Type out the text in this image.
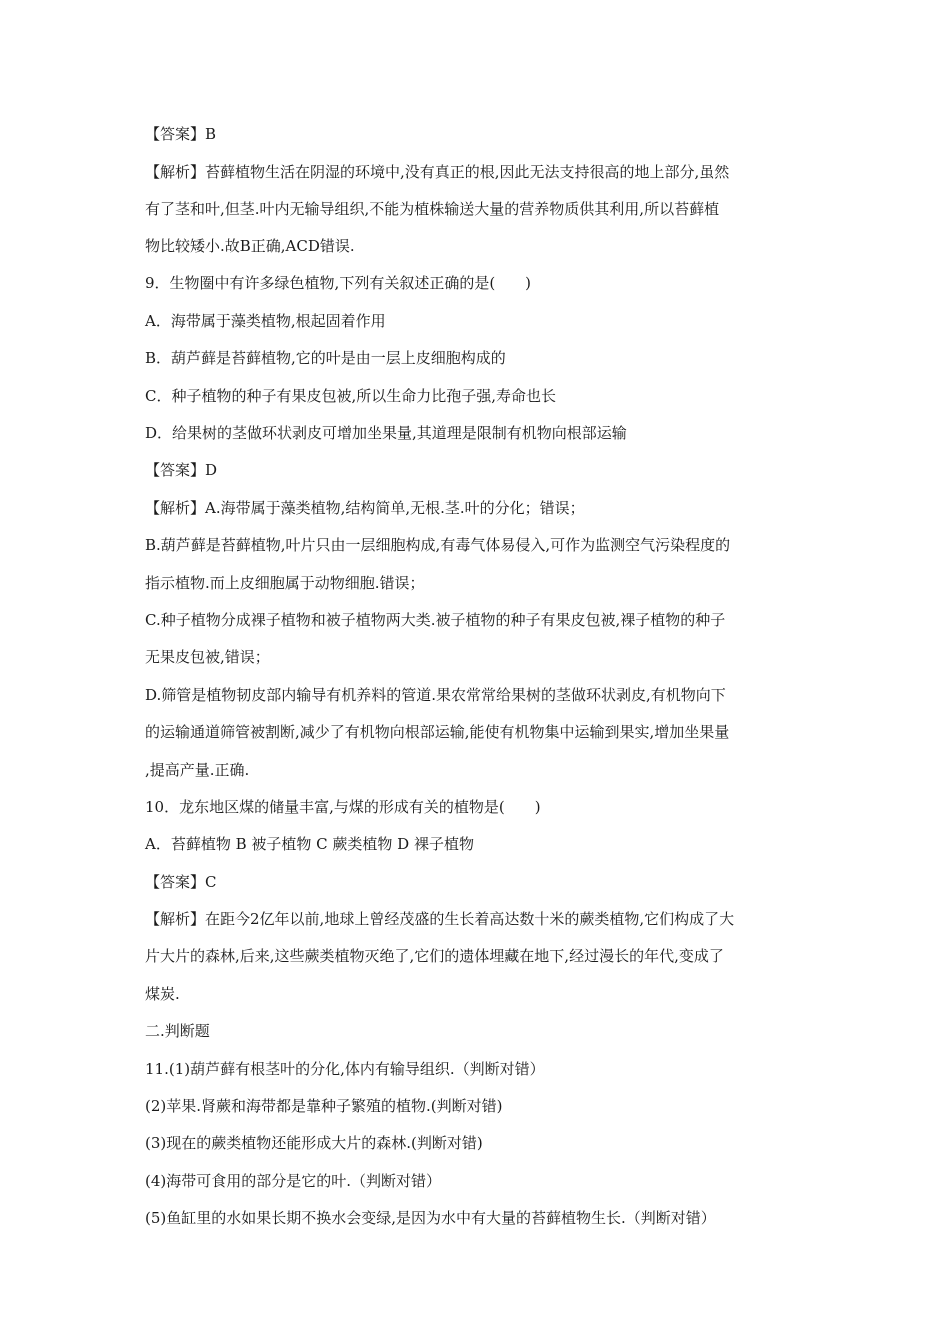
【答案】B
【解析】苔藓植物生活在阴湿的环境中,没有真正的根,因此无法支持很高的地上部分,虽然
有了茎和叶,但茎.叶内无输导组织,不能为植株输送大量的营养物质供其利用,所以苔藓植
物比较矮小.故B正确,ACD错误.
9．生物圈中有许多绿色植物,下列有关叙述正确的是(　　)
A．海带属于藻类植物,根起固着作用
B．葫芦藓是苔藓植物,它的叶是由一层上皮细胞构成的
C．种子植物的种子有果皮包被,所以生命力比孢子强,寿命也长
D．给果树的茎做环状剥皮可增加坐果量,其道理是限制有机物向根部运输
【答案】D
【解析】A.海带属于藻类植物,结构简单,无根.茎.叶的分化；错误；
B.葫芦藓是苔藓植物,叶片只由一层细胞构成,有毒气体易侵入,可作为监测空气污染程度的
指示植物.而上皮细胞属于动物细胞.错误；
C.种子植物分成裸子植物和被子植物两大类.被子植物的种子有果皮包被,裸子植物的种子
无果皮包被,错误；
D.筛管是植物韧皮部内输导有机养料的管道.果农常常给果树的茎做环状剥皮,有机物向下
的运输通道筛管被割断,减少了有机物向根部运输,能使有机物集中运输到果实,增加坐果量
,提高产量.正确.
10．龙东地区煤的储量丰富,与煤的形成有关的植物是(　　)
A．苔藓植物 B 被子植物 C 蕨类植物 D 裸子植物
【答案】C
【解析】在距今2亿年以前,地球上曾经茂盛的生长着高达数十米的蕨类植物,它们构成了大
片大片的森林,后来,这些蕨类植物灭绝了,它们的遗体埋藏在地下,经过漫长的年代,变成了
煤炭.
二.判断题
11.(1)葫芦藓有根茎叶的分化,体内有输导组织.（判断对错）
(2)苹果.肾蕨和海带都是靠种子繁殖的植物.(判断对错)
(3)现在的蕨类植物还能形成大片的森林.(判断对错)
(4)海带可食用的部分是它的叶.（判断对错）
(5)鱼缸里的水如果长期不换水会变绿,是因为水中有大量的苔藓植物生长.（判断对错）
